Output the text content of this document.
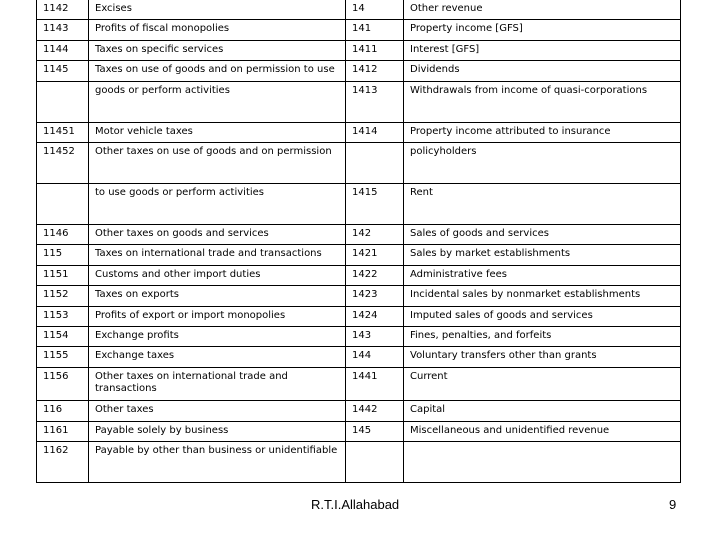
1142	Excises	14	Other revenue
1143	Profits of fiscal monopolies	141	Property income [GFS]
1144	Taxes on specific services	1411	Interest [GFS]
1145	Taxes on use of goods and on permission to use	1412	Dividends
	goods or perform activities	1413	Withdrawals from income of quasi-corporations
11451	Motor vehicle taxes	1414	Property income attributed to insurance
11452	Other taxes on use of goods and on permission		policyholders
	to use goods or perform activities	1415	Rent
1146	Other taxes on goods and services	142	Sales of goods and services
115	Taxes on international trade and transactions	1421	Sales by market establishments
1151	Customs and other import duties	1422	Administrative fees
1152	Taxes on exports	1423	Incidental sales by nonmarket establishments
1153	Profits of export or import monopolies	1424	Imputed sales of goods and services
1154	Exchange profits	143	Fines, penalties, and forfeits
1155	Exchange taxes	144	Voluntary transfers other than grants
1156	Other taxes on international trade and transactions	1441	Current
116	Other taxes	1442	Capital
1161	Payable solely by business	145	Miscellaneous and unidentified revenue
1162	Payable by other than business or unidentifiable		
R.T.I.Allahabad	9
